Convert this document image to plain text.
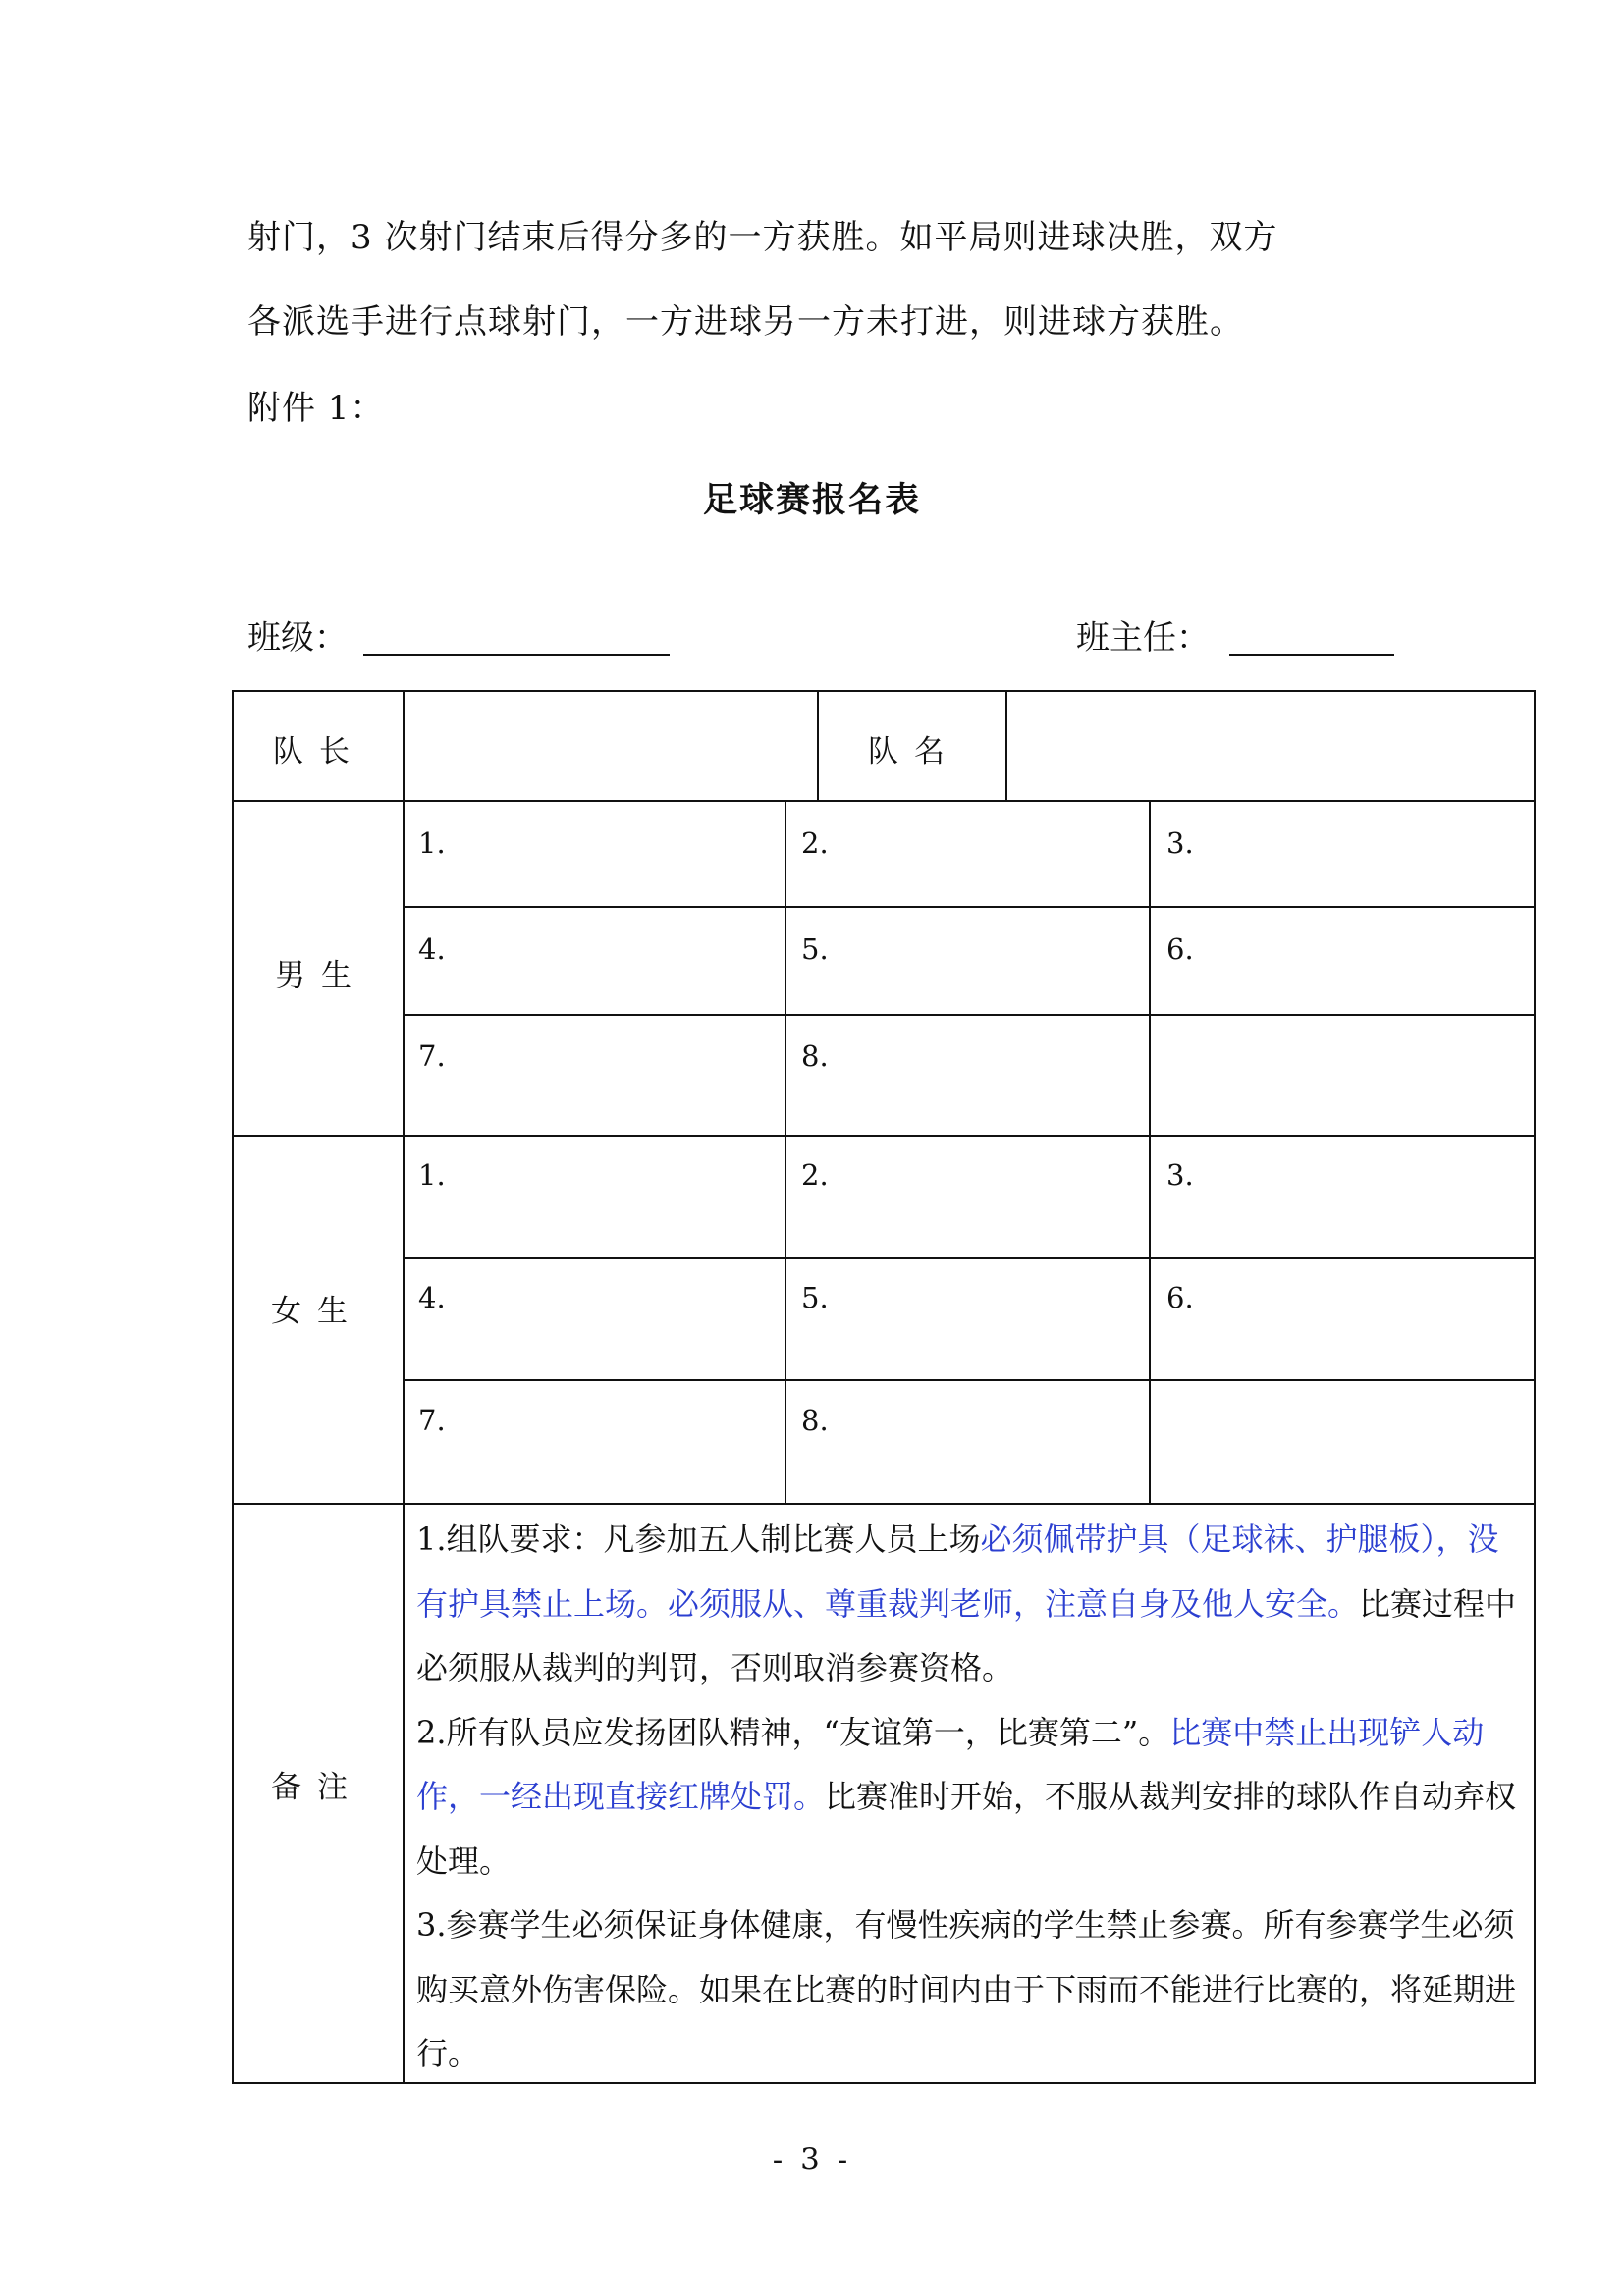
射门，3 次射门结束后得分多的一方获胜。如平局则进球决胜，双方
各派选手进行点球射门，一方进球另一方未打进，则进球方获胜。
附件 1：
足球赛报名表
班级：	班主任：
队长	队名
男生
1.	2.	3.
4.	5.	6.
7.	8.
女生
1.	2.	3.
4.	5.	6.
7.	8.
备注

1.组队要求：凡参加五人制比赛人员上场必须佩带护具（足球袜、护腿板），没有护具禁止上场。必须服从、尊重裁判老师，注意自身及他人安全。比赛过程中必须服从裁判的判罚，否则取消参赛资格。

2.所有队员应发扬团队精神，“友谊第一，比赛第二”。比赛中禁止出现铲人动作，一经出现直接红牌处罚。比赛准时开始，不服从裁判安排的球队作自动弃权处理。

3.参赛学生必须保证身体健康，有慢性疾病的学生禁止参赛。所有参赛学生必须购买意外伤害保险。如果在比赛的时间内由于下雨而不能进行比赛的，将延期进行。

- 3 -
